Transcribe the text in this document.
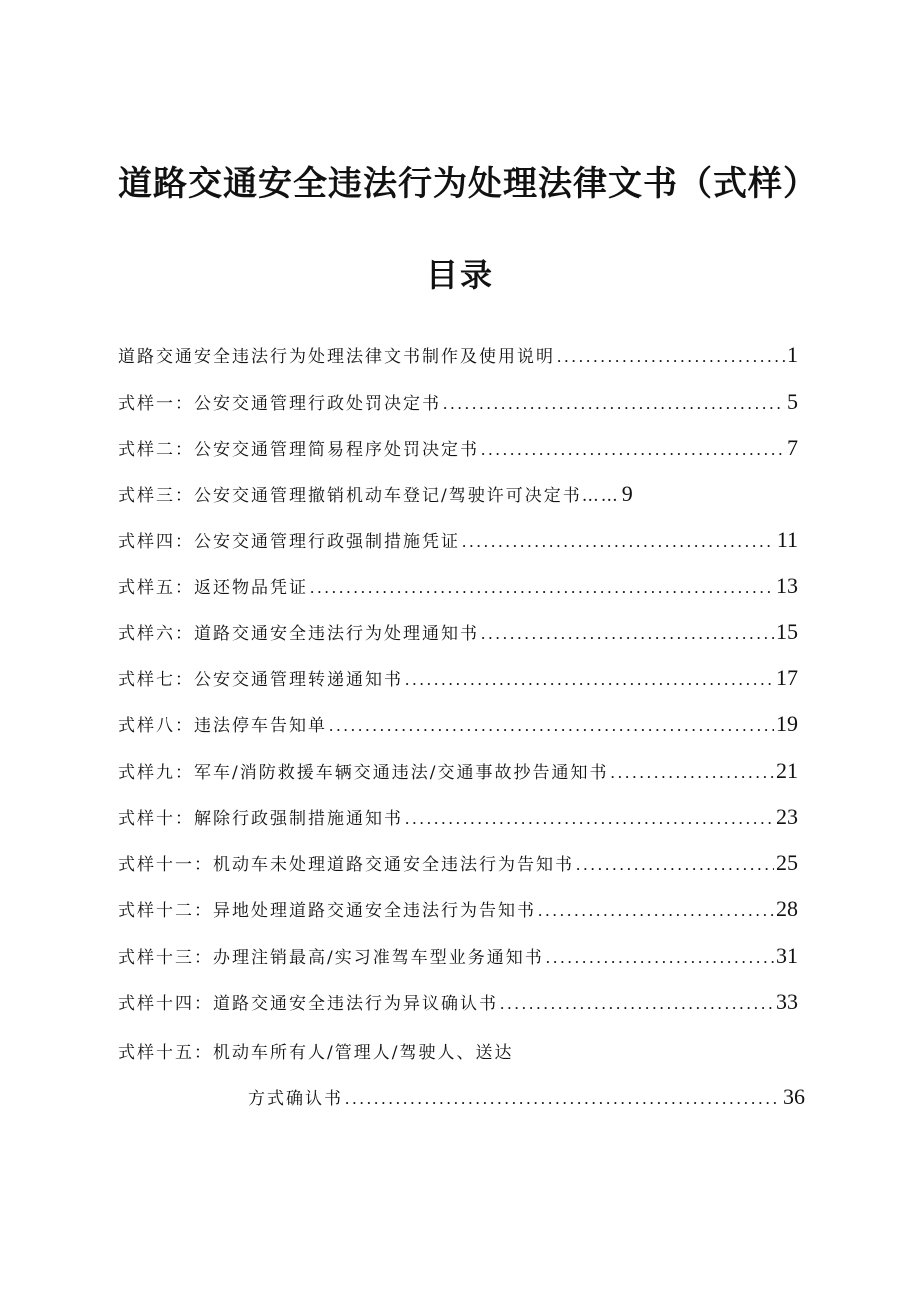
道路交通安全违法行为处理法律文书（式样）
目录
道路交通安全违法行为处理法律文书制作及使用说明 .....	1
式样一：公安交通管理行政处罚决定书 .....	5
式样二：公安交通管理简易程序处罚决定书 .....	7
式样三：公安交通管理撤销机动车登记/驾驶许可决定书…… 9
式样四：公安交通管理行政强制措施凭证 .....	11
式样五：返还物品凭证 .....	13
式样六：道路交通安全违法行为处理通知书 .....	15
式样七：公安交通管理转递通知书 .....	17
式样八：违法停车告知单 .....	19
式样九：军车/消防救援车辆交通违法/交通事故抄告通知书 .....	21
式样十：解除行政强制措施通知书 .....	23
式样十一：机动车未处理道路交通安全违法行为告知书 .....	25
式样十二：异地处理道路交通安全违法行为告知书 .....	28
式样十三：办理注销最高/实习准驾车型业务通知书 .....	31
式样十四：道路交通安全违法行为异议确认书 .....	33
式样十五：机动车所有人/管理人/驾驶人、送达
方式确认书 .....	36
